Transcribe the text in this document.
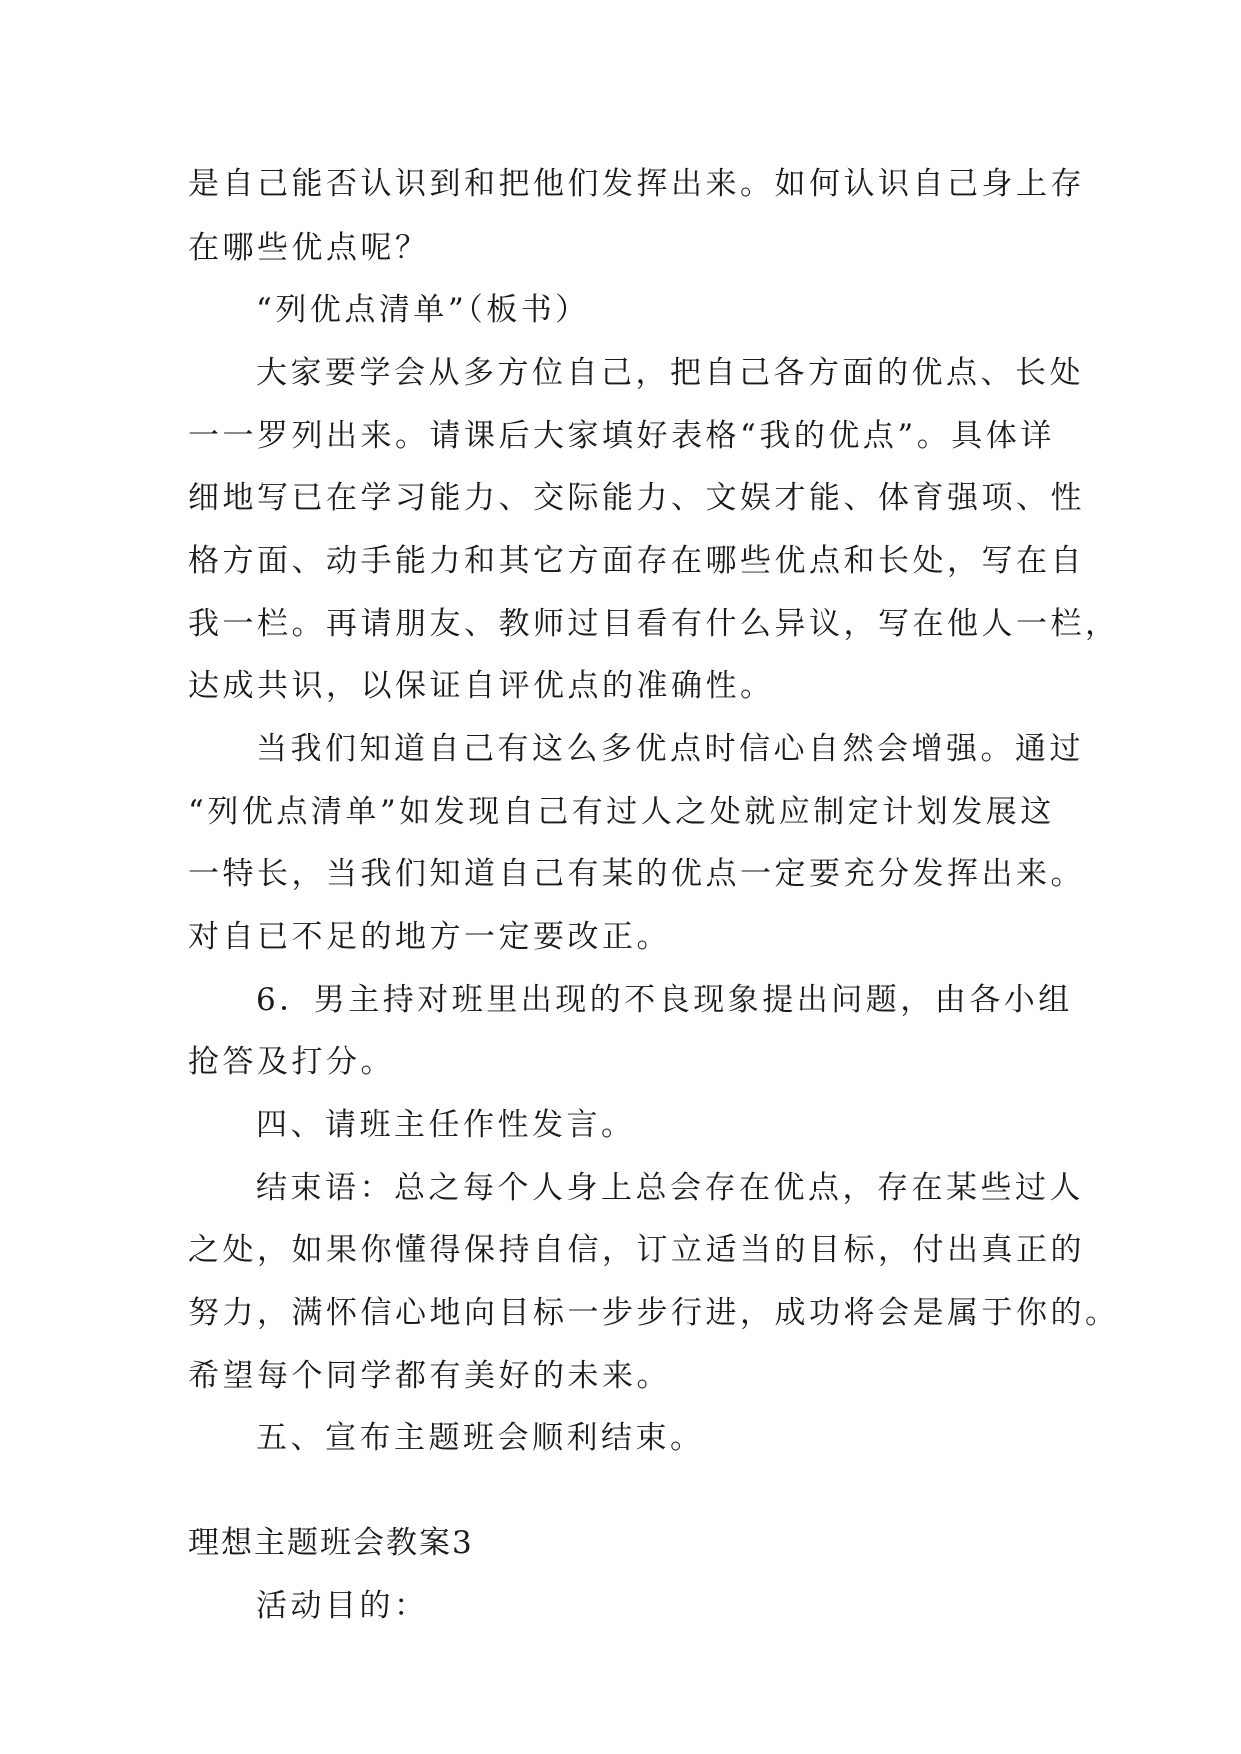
是自己能否认识到和把他们发挥出来。如何认识自己身上存
在哪些优点呢？
“列优点清单”（板书）
大家要学会从多方位自己，把自己各方面的优点、长处
一一罗列出来。请课后大家填好表格“我的优点”。具体详
细地写已在学习能力、交际能力、文娱才能、体育强项、性
格方面、动手能力和其它方面存在哪些优点和长处，写在自
我一栏。再请朋友、教师过目看有什么异议，写在他人一栏，
达成共识，以保证自评优点的准确性。
当我们知道自己有这么多优点时信心自然会增强。通过
“列优点清单”如发现自己有过人之处就应制定计划发展这
一特长，当我们知道自己有某的优点一定要充分发挥出来。
对自已不足的地方一定要改正。
6．男主持对班里出现的不良现象提出问题，由各小组
抢答及打分。
四、请班主任作性发言。
结束语：总之每个人身上总会存在优点，存在某些过人
之处，如果你懂得保持自信，订立适当的目标，付出真正的
努力，满怀信心地向目标一步步行进，成功将会是属于你的。
希望每个同学都有美好的未来。
五、宣布主题班会顺利结束。
理想主题班会教案3
活动目的：
